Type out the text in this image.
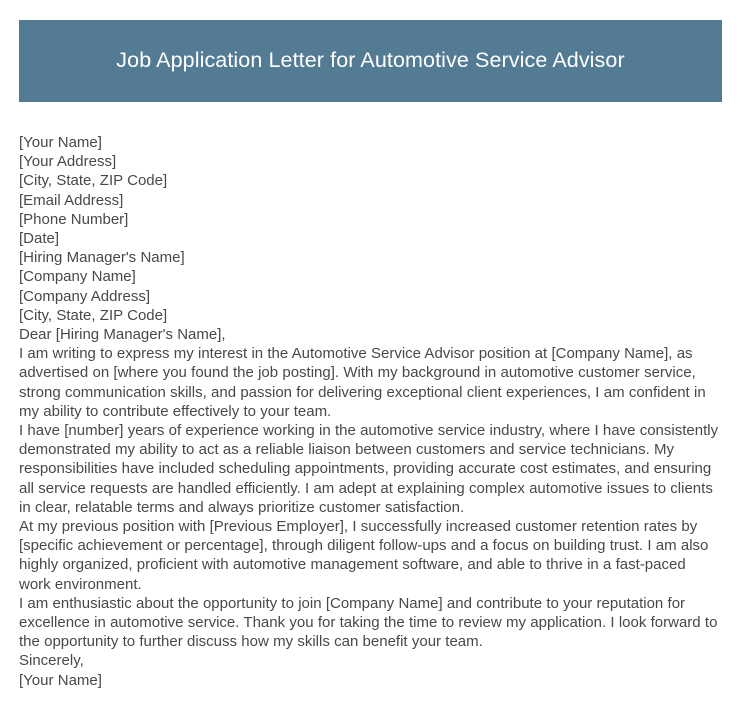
Job Application Letter for Automotive Service Advisor
[Your Name]
[Your Address]
[City, State, ZIP Code]
[Email Address]
[Phone Number]
[Date]
[Hiring Manager's Name]
[Company Name]
[Company Address]
[City, State, ZIP Code]
Dear [Hiring Manager's Name],

I am writing to express my interest in the Automotive Service Advisor position at [Company Name], as advertised on [where you found the job posting]. With my background in automotive customer service, strong communication skills, and passion for delivering exceptional client experiences, I am confident in my ability to contribute effectively to your team.

I have [number] years of experience working in the automotive service industry, where I have consistently demonstrated my ability to act as a reliable liaison between customers and service technicians. My responsibilities have included scheduling appointments, providing accurate cost estimates, and ensuring all service requests are handled efficiently. I am adept at explaining complex automotive issues to clients in clear, relatable terms and always prioritize customer satisfaction.

At my previous position with [Previous Employer], I successfully increased customer retention rates by [specific achievement or percentage], through diligent follow-ups and a focus on building trust. I am also highly organized, proficient with automotive management software, and able to thrive in a fast-paced work environment.

I am enthusiastic about the opportunity to join [Company Name] and contribute to your reputation for excellence in automotive service. Thank you for taking the time to review my application. I look forward to the opportunity to further discuss how my skills can benefit your team.

Sincerely,
[Your Name]
